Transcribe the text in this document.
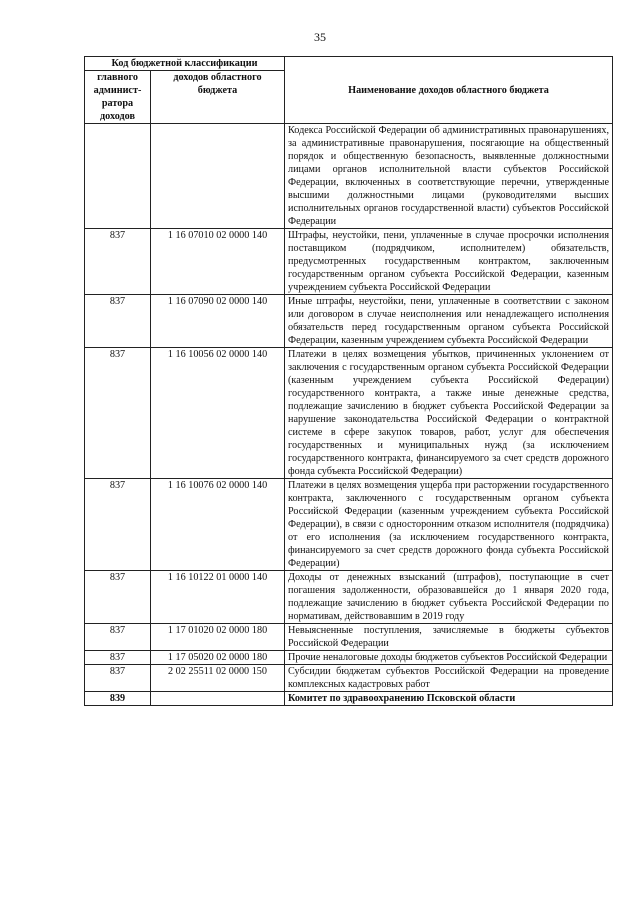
35
Код бюджетной классификации		Наименование доходов областного бюджета
главного админист-ратора доходов	доходов областного бюджета	
		Кодекса Российской Федерации об административных правонарушениях, за административные правонарушения, посягающие на общественный порядок и общественную безопасность, выявленные должностными лицами органов исполнительной власти субъектов Российской Федерации, включенных в соответствующие перечни, утвержденные высшими должностными лицами (руководителями высших исполнительных органов государственной власти) субъектов Российской Федерации
837	1 16 07010 02 0000 140	Штрафы, неустойки, пени, уплаченные в случае просрочки исполнения поставщиком (подрядчиком, исполнителем) обязательств, предусмотренных государственным контрактом, заключенным государственным органом субъекта Российской Федерации, казенным учреждением субъекта Российской Федерации
837	1 16 07090 02 0000 140	Иные штрафы, неустойки, пени, уплаченные в соответствии с законом или договором в случае неисполнения или ненадлежащего исполнения обязательств перед государственным органом субъекта Российской Федерации, казенным учреждением субъекта Российской Федерации
837	1 16 10056 02 0000 140	Платежи в целях возмещения убытков, причиненных уклонением от заключения с государственным органом субъекта Российской Федерации (казенным учреждением субъекта Российской Федерации) государственного контракта, а также иные денежные средства, подлежащие зачислению в бюджет субъекта Российской Федерации за нарушение законодательства Российской Федерации о контрактной системе в сфере закупок товаров, работ, услуг для обеспечения государственных и муниципальных нужд (за исключением государственного контракта, финансируемого за счет средств дорожного фонда субъекта Российской Федерации)
837	1 16 10076 02 0000 140	Платежи в целях возмещения ущерба при расторжении государственного контракта, заключенного с государственным органом субъекта Российской Федерации (казенным учреждением субъекта Российской Федерации), в связи с односторонним отказом исполнителя (подрядчика) от его исполнения (за исключением государственного контракта, финансируемого за счет средств дорожного фонда субъекта Российской Федерации)
837	1 16 10122 01 0000 140	Доходы от денежных взысканий (штрафов), поступающие в счет погашения задолженности, образовавшейся до 1 января 2020 года, подлежащие зачислению в бюджет субъекта Российской Федерации по нормативам, действовавшим в 2019 году
837	1 17 01020 02 0000 180	Невыясненные поступления, зачисляемые в бюджеты субъектов Российской Федерации
837	1 17 05020 02 0000 180	Прочие неналоговые доходы бюджетов субъектов Российской Федерации
837	2 02 25511 02 0000 150	Субсидии бюджетам субъектов Российской Федерации на проведение комплексных кадастровых работ
839		Комитет по здравоохранению Псковской области
